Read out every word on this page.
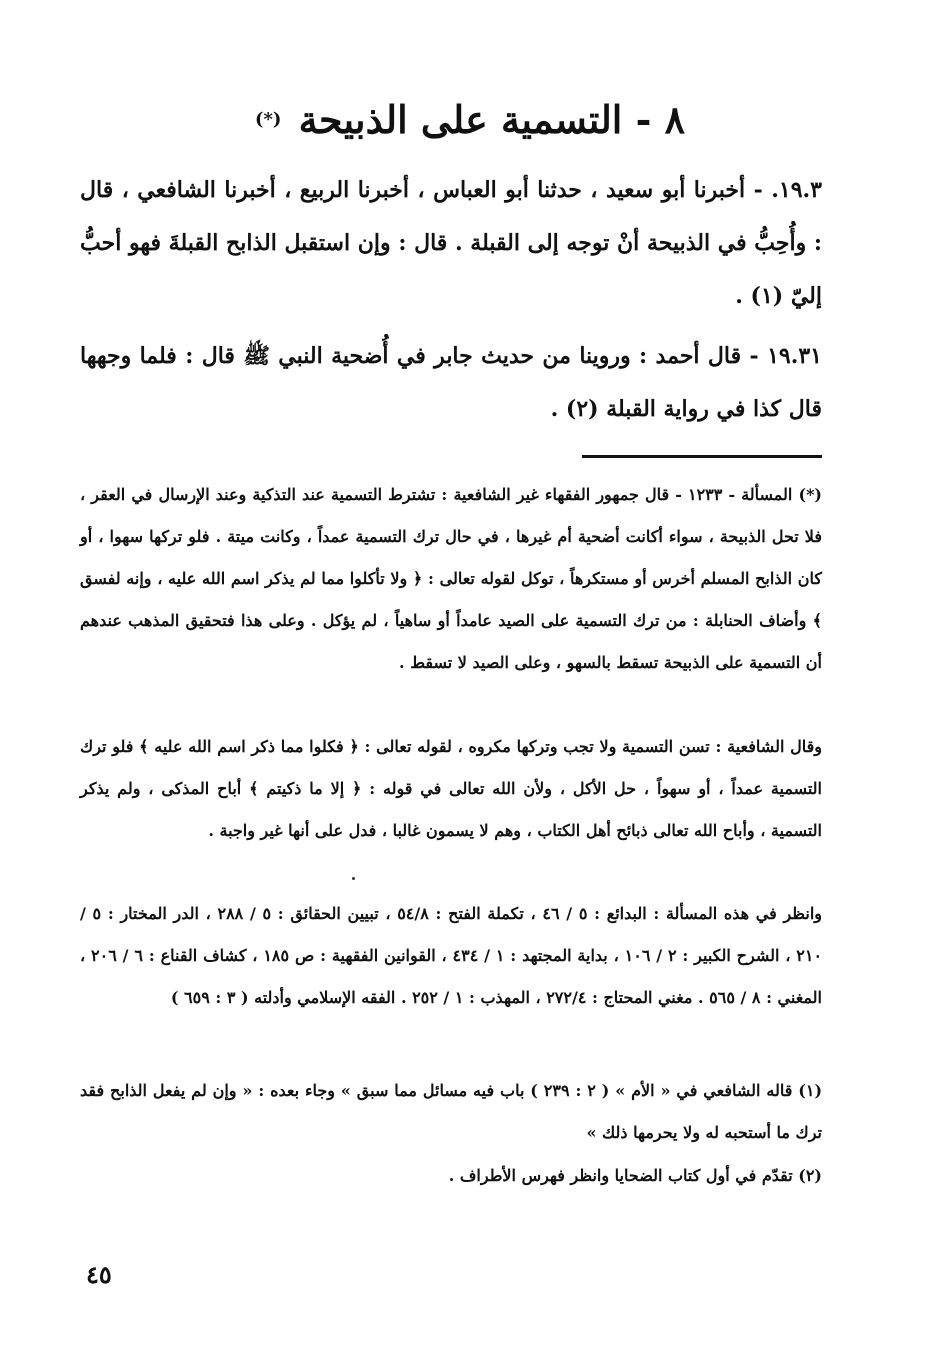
٨ - التسمية على الذبيحة (*)

١٩.٣. - أخبرنا أبو سعيد ، حدثنا أبو العباس ، أخبرنا الربيع ، أخبرنا الشافعي ، قال : وأُحِبُّ في الذبيحة أنْ توجه إلى القبلة . قال : وإن استقبل الذابح القبلةَ فهو أحبُّ إليّ (١) .

١٩.٣١ - قال أحمد : وروينا من حديث جابر في أُضحية النبي ﷺ قال : فلما وجهها قال كذا في رواية القبلة (٢) .

(*) المسألة - ١٢٣٣ - قال جمهور الفقهاء غير الشافعية : تشترط التسمية عند التذكية وعند الإرسال في العقر ، فلا تحل الذبيحة ، سواء أكانت أضحية أم غيرها ، في حال ترك التسمية عمداً ، وكانت ميتة . فلو تركها سهوا ، أو كان الذابح المسلم أخرس أو مستكرهاً ، توكل لقوله تعالى : ﴿ ولا تأكلوا مما لم يذكر اسم الله عليه ، وإنه لفسق ﴾ وأضاف الحنابلة : من ترك التسمية على الصيد عامداً أو ساهياً ، لم يؤكل . وعلى هذا فتحقيق المذهب عندهم أن التسمية على الذبيحة تسقط بالسهو ، وعلى الصيد لا تسقط .

وقال الشافعية : تسن التسمية ولا تجب وتركها مكروه ، لقوله تعالى : ﴿ فكلوا مما ذكر اسم الله عليه ﴾ فلو ترك التسمية عمداً ، أو سهواً ، حل الأكل ، ولأن الله تعالى في قوله : ﴿ إلا ما ذكيتم ﴾ أباح المذكى ، ولم يذكر التسمية ، وأباح الله تعالى ذبائح أهل الكتاب ، وهم لا يسمون غالبا ، فدل على أنها غير واجبة .

وانظر في هذه المسألة : البدائع : ٥ / ٤٦ ، تكملة الفتح : ٥٤/٨ ، تبيين الحقائق : ٥ / ٢٨٨ ، الدر المختار : ٥ / ٢١٠ ، الشرح الكبير : ٢ / ١٠٦ ، بداية المجتهد : ١ / ٤٣٤ ، القوانين الفقهية : ص ١٨٥ ، كشاف القناع : ٦ / ٢٠٦ ، المغني : ٨ / ٥٦٥ . مغني المحتاج : ٢٧٢/٤ ، المهذب : ١ / ٢٥٢ . الفقه الإسلامي وأدلته ( ٣ : ٦٥٩ )

(١) قاله الشافعي في « الأم » ( ٢ : ٢٣٩ ) باب فيه مسائل مما سبق » وجاء بعده : « وإن لم يفعل الذابح فقد ترك ما أستحبه له ولا يحرمها ذلك »

(٢) تقدّم في أول كتاب الضحايا وانظر فهرس الأطراف .

٤٥
